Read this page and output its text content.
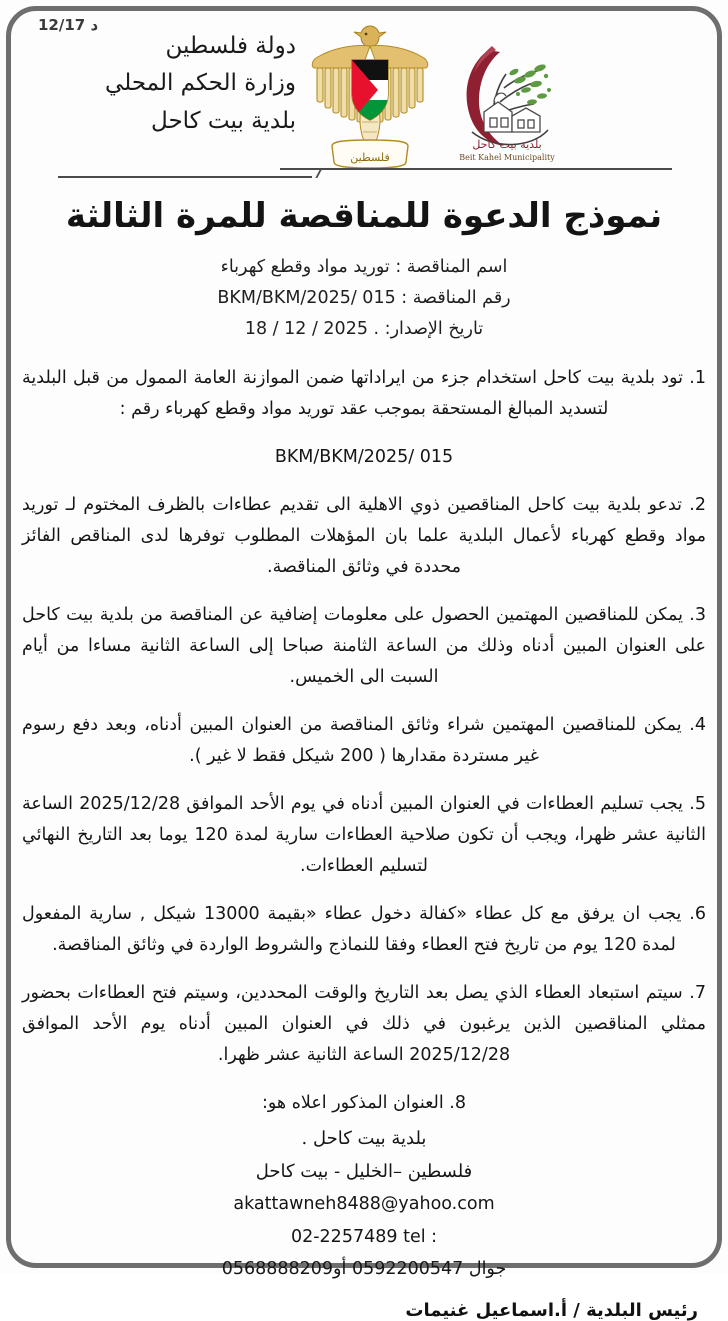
12/17 د
دولة فلسطين
وزارة الحكم المحلي
بلدية بيت كاحل
فلسطين
بلدية بيت كاحل
Beit Kahel Municipality
نموذج الدعوة للمناقصة للمرة الثالثة
اسم المناقصة : توريد مواد وقطع كهرباء
رقم المناقصة : BKM/BKM/2025/ 015
تاريخ الإصدار: 18 / 12 / 2025 .

1. تود بلدية بيت كاحل استخدام جزء من ايراداتها ضمن الموازنة العامة الممول من قبل البلدية لتسديد المبالغ المستحقة بموجب عقد توريد مواد وقطع كهرباء رقم :

BKM/BKM/2025/ 015

2. تدعو بلدية بيت كاحل المناقصين ذوي الاهلية الى تقديم عطاءات بالظرف المختوم لـ توريد مواد وقطع كهرباء لأعمال البلدية علما بان المؤهلات المطلوب توفرها لدى المناقص الفائز محددة في وثائق المناقصة.

3. يمكن للمناقصين المهتمين الحصول على معلومات إضافية عن المناقصة من بلدية بيت كاحل على العنوان المبين أدناه وذلك من الساعة الثامنة صباحا إلى الساعة الثانية مساءا من أيام السبت الى الخميس.

4. يمكن للمناقصين المهتمين شراء وثائق المناقصة من العنوان المبين أدناه، وبعد دفع رسوم غير مستردة مقدارها ( 200 شيكل فقط لا غير ).

5. يجب تسليم العطاءات في العنوان المبين أدناه في يوم الأحد الموافق 2025/12/28 الساعة الثانية عشر ظهرا، ويجب أن تكون صلاحية العطاءات سارية لمدة 120 يوما بعد التاريخ النهائي لتسليم العطاءات.

6. يجب ان يرفق مع كل عطاء «كفالة دخول عطاء «بقيمة 13000 شيكل , سارية المفعول لمدة 120 يوم من تاريخ فتح العطاء وفقا للنماذج والشروط الواردة في وثائق المناقصة.

7. سيتم استبعاد العطاء الذي يصل بعد التاريخ والوقت المحددين، وسيتم فتح العطاءات بحضور ممثلي المناقصين الذين يرغبون في ذلك في العنوان المبين أدناه يوم الأحد الموافق 2025/12/28 الساعة الثانية عشر ظهرا.

8. العنوان المذكور اعلاه هو:

بلدية بيت كاحل .
فلسطين –الخليل - بيت كاحل
akattawneh8488@yahoo.com
tel : 02-2257489
جوال 0592200547 أو0568888209
رئيس البلدية / أ.اسماعيل غنيمات
